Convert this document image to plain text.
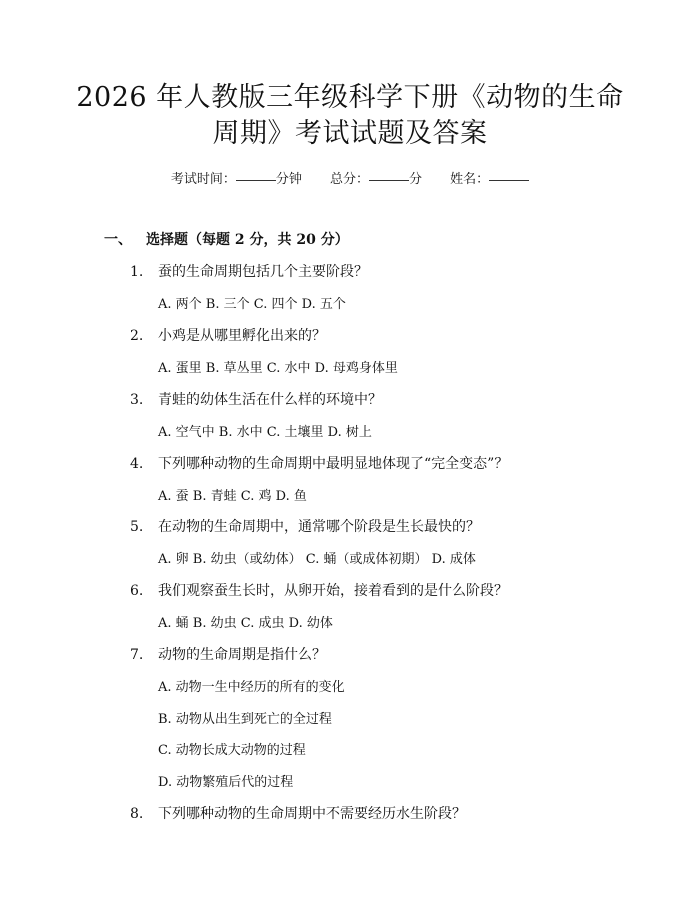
2026 年人教版三年级科学下册《动物的生命
周期》考试试题及答案
考试时间：	分钟 总分：	分 姓名：
一、 选择题（每题 2 分，共 20 分）
1. 蚕的生命周期包括几个主要阶段？
A. 两个 B. 三个 C. 四个 D. 五个
2. 小鸡是从哪里孵化出来的？
A. 蛋里 B. 草丛里 C. 水中 D. 母鸡身体里
3. 青蛙的幼体生活在什么样的环境中？
A. 空气中 B. 水中 C. 土壤里 D. 树上
4. 下列哪种动物的生命周期中最明显地体现了“完全变态”？
A. 蚕 B. 青蛙 C. 鸡 D. 鱼
5. 在动物的生命周期中，通常哪个阶段是生长最快的？
A. 卵 B. 幼虫（或幼体） C. 蛹（或成体初期） D. 成体
6. 我们观察蚕生长时，从卵开始，接着看到的是什么阶段？
A. 蛹 B. 幼虫 C. 成虫 D. 幼体
7. 动物的生命周期是指什么？
A. 动物一生中经历的所有的变化
B. 动物从出生到死亡的全过程
C. 动物长成大动物的过程
D. 动物繁殖后代的过程
8. 下列哪种动物的生命周期中不需要经历水生阶段？
